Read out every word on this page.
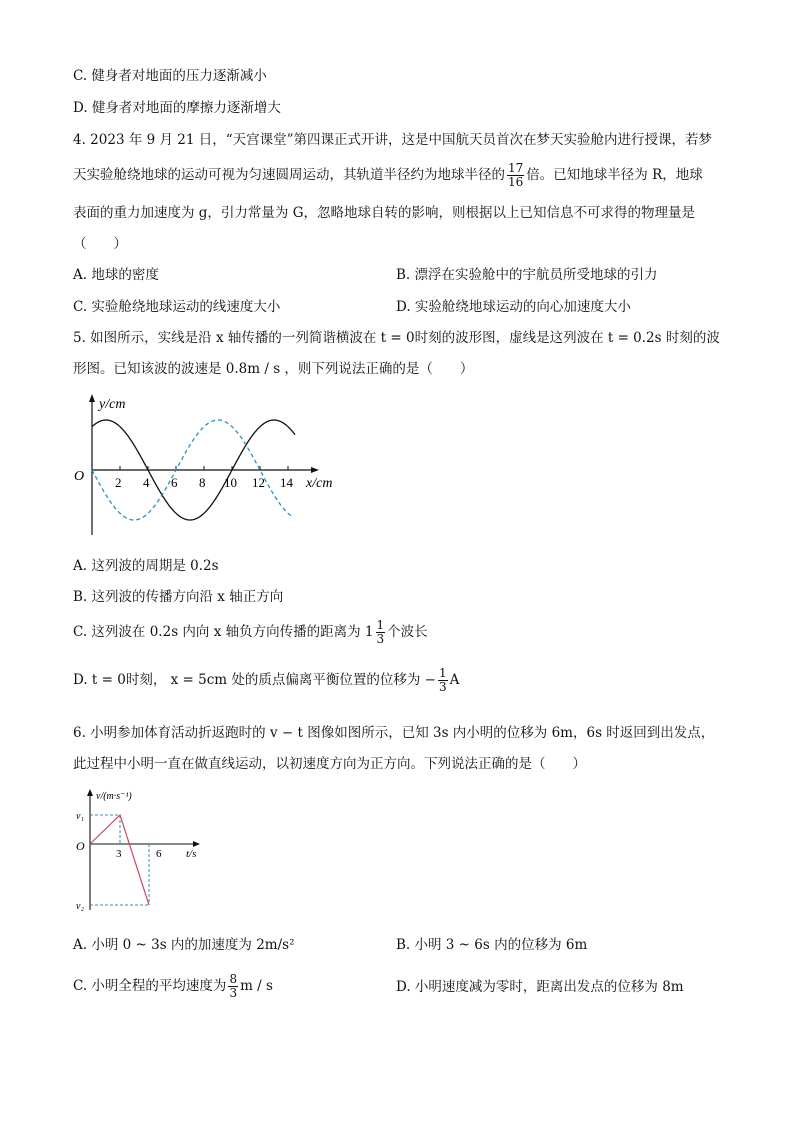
C. 健身者对地面的压力逐渐减小
D. 健身者对地面的摩擦力逐渐增大
4. 2023 年 9 月 21 日，“天宫课堂”第四课正式开讲，这是中国航天员首次在梦天实验舱内进行授课，若梦
天实验舱绕地球的运动可视为匀速圆周运动，其轨道半径约为地球半径的 $\frac{17}{16}$ 倍。已知地球半径为 R，地球
表面的重力加速度为 g，引力常量为 G，忽略地球自转的影响，则根据以上已知信息不可求得的物理量是
（　　）
A. 地球的密度	B. 漂浮在实验舱中的宇航员所受地球的引力
C. 实验舱绕地球运动的线速度大小	D. 实验舱绕地球运动的向心加速度大小
5. 如图所示，实线是沿 x 轴传播的一列简谐横波在 t = 0时刻的波形图，虚线是这列波在 t = 0.2s 时刻的波
形图。已知该波的波速是 0.8m / s ，则下列说法正确的是（　　）
y/cm
O 2 4 6 8 10 12 14 x/cm
A. 这列波的周期是 0.2s
B. 这列波的传播方向沿 x 轴正方向
C. 这列波在 0.2s 内向 x 轴负方向传播的距离为 $1 \frac{1}{3}$ 个波长
D. t = 0时刻， x = 5cm 处的质点偏离平衡位置的位移为 − $\frac{1}{3}$ A
6. 小明参加体育活动折返跑时的 v − t 图像如图所示，已知 3s 内小明的位移为 6m，6s 时返回到出发点，
此过程中小明一直在做直线运动，以初速度方向为正方向。下列说法正确的是（　　）
v/(m·s⁻¹)
v₁
O
3	6 t/s
v₂
A. 小明 0 ~ 3s 内的加速度为 2m/s²	B. 小明 3 ~ 6s 内的位移为 6m
C. 小明全程的平均速度为 $\frac{8}{3}$ m / s	D. 小明速度减为零时，距离出发点的位移为 8m
